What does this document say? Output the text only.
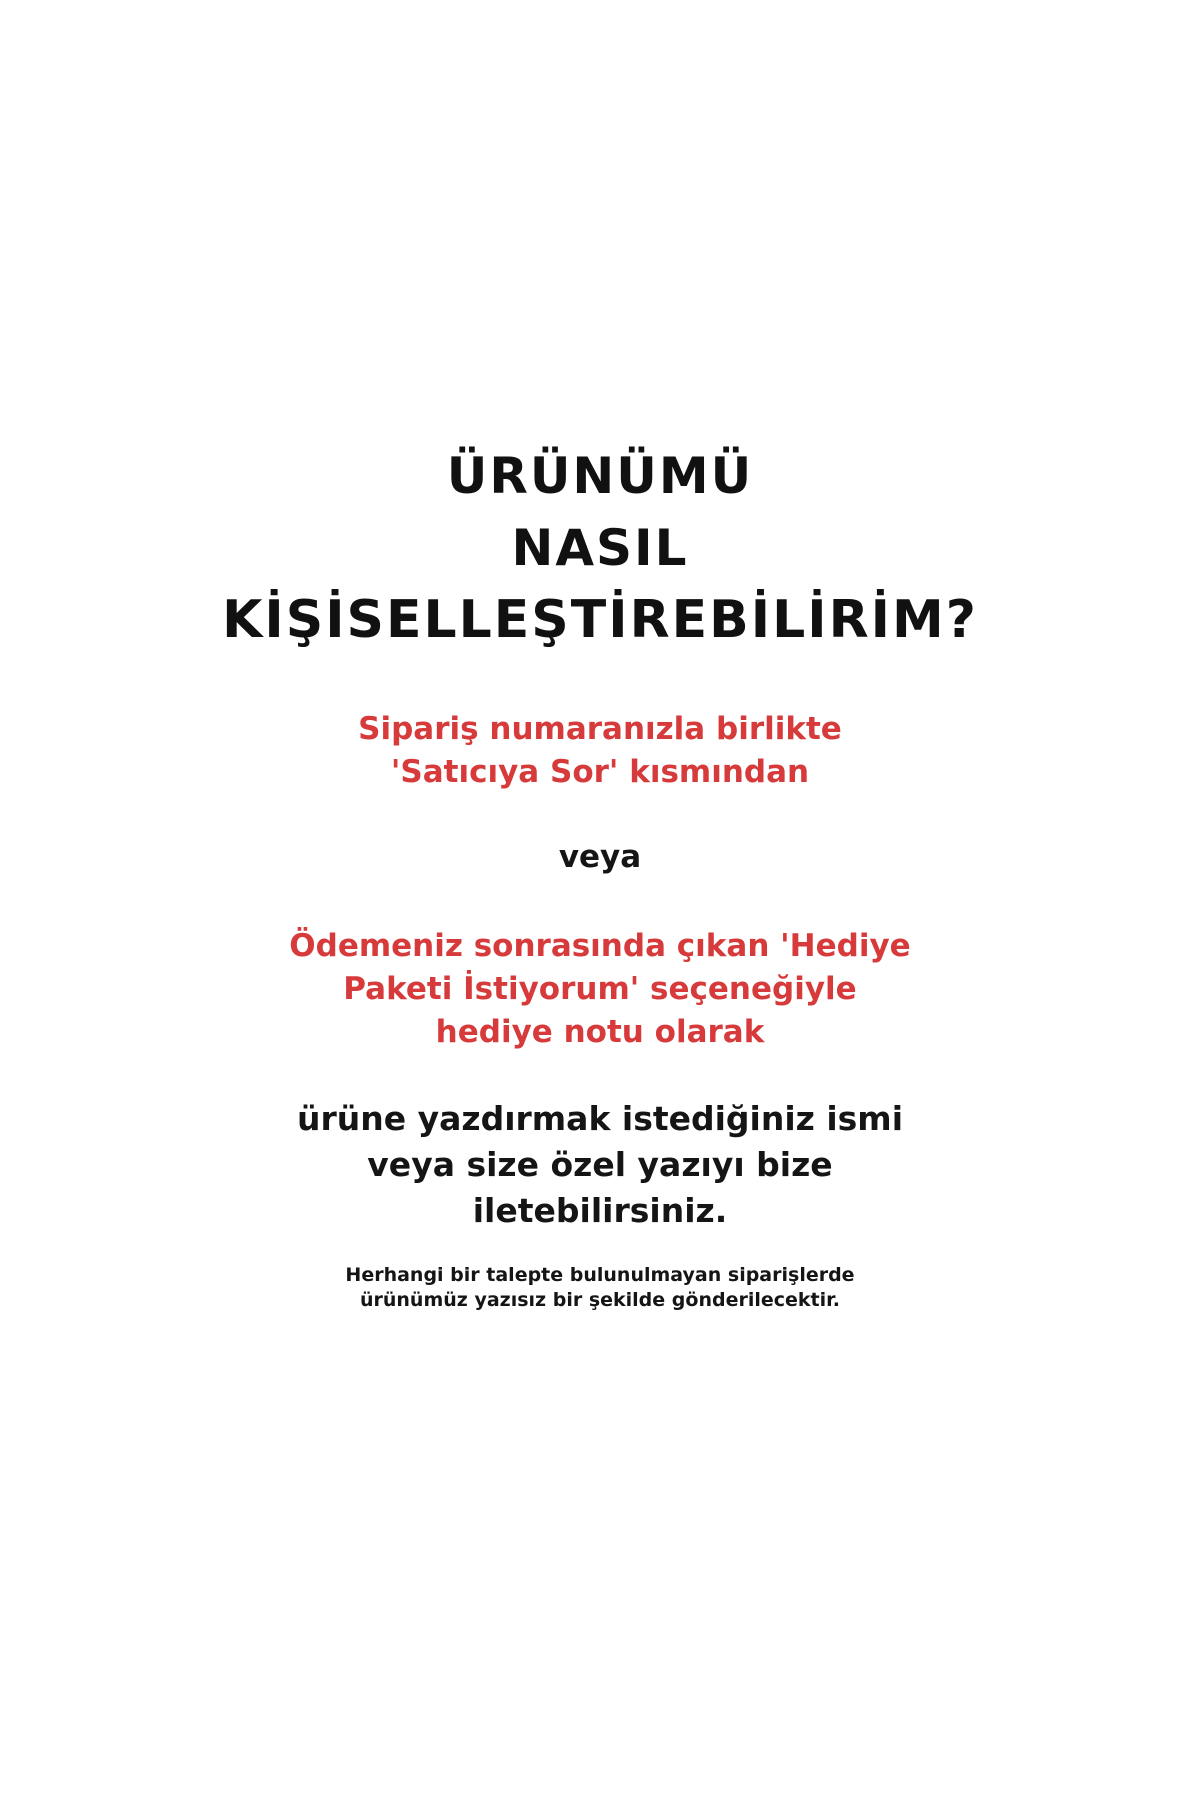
ÜRÜNÜMÜ
NASIL
KİŞİSELLEŞTİREBİLİRİM?
Sipariş numaranızla birlikte
'Satıcıya Sor' kısmından
veya
Ödemeniz sonrasında çıkan 'Hediye
Paketi İstiyorum' seçeneğiyle
hediye notu olarak
ürüne yazdırmak istediğiniz ismi
veya size özel yazıyı bize
iletebilirsiniz.
Herhangi bir talepte bulunulmayan siparişlerde
ürünümüz yazısız bir şekilde gönderilecektir.
